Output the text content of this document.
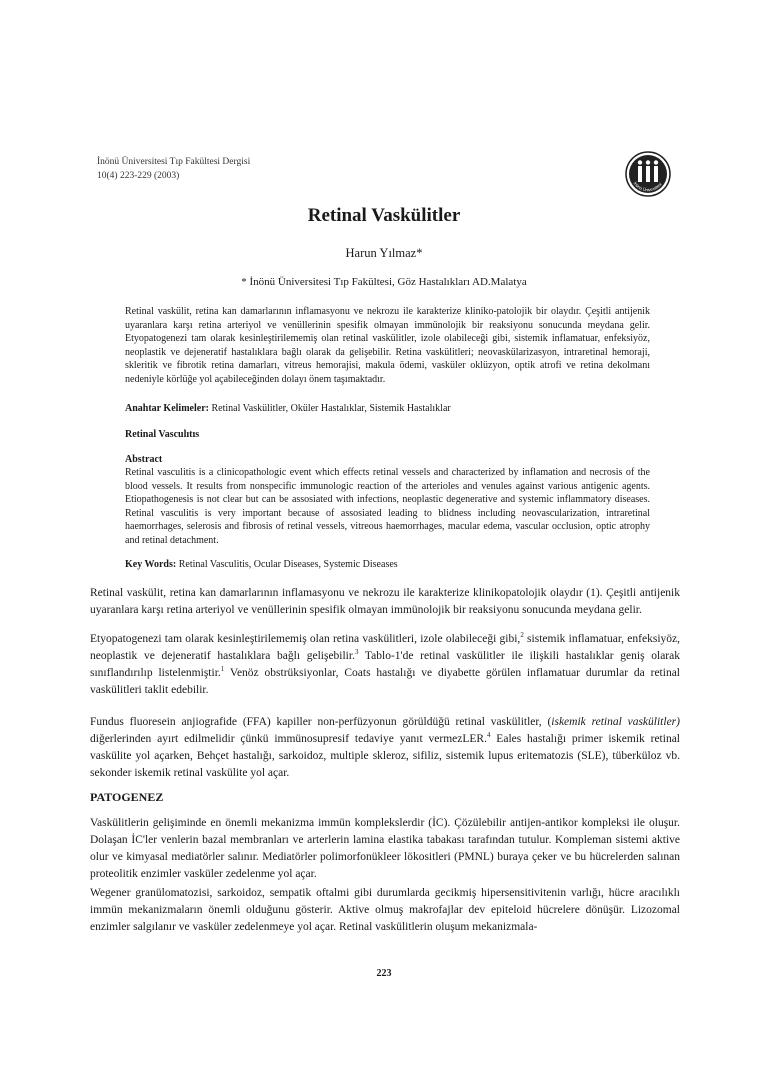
İnönü Üniversitesi Tıp Fakültesi Dergisi
10(4) 223-229 (2003)
İnönü Üniversitesi
Retinal Vaskülitler
Harun Yılmaz*
* İnönü Üniversitesi Tıp Fakültesi, Göz Hastalıkları AD.Malatya

Retinal vaskülit, retina kan damarlarının inflamasyonu ve nekrozu ile karakterize kliniko-patolojik bir olaydır. Çeşitli antijenik uyaranlara karşı retina arteriyol ve venüllerinin spesifik olmayan immünolojik bir reaksiyonu sonucunda meydana gelir. Etyopatogenezi tam olarak kesinleştirilememiş olan retinal vaskülitler, izole olabileceği gibi, sistemik inflamatuar, enfeksiyöz, neoplastik ve dejeneratif hastalıklara bağlı olarak da gelişebilir. Retina vaskülitleri; neovaskülarizasyon, intraretinal hemoraji, skleritik ve fibrotik retina damarları, vitreus hemorajisi, makula ödemi, vasküler oklüzyon, optik atrofi ve retina dekolmanı nedeniyle körlüğe yol açabileceğinden dolayı önem taşımaktadır.

Anahtar Kelimeler: Retinal Vaskülitler, Oküler Hastalıklar, Sistemik Hastalıklar

Retinal Vasculıtıs

Abstract

Retinal vasculitis is a clinicopathologic event which effects retinal vessels and characterized by inflamation and necrosis of the blood vessels. It results from nonspecific immunologic reaction of the arterioles and venules against various antigenic agents. Etiopathogenesis is not clear but can be assosiated with infections, neoplastic degenerative and systemic inflammatory diseases. Retinal vasculitis is very important because of assosiated leading to blidness including neovascularization, intraretinal haemorrhages, selerosis and fibrosis of retinal vessels, vitreous haemorrhages, macular edema, vascular occlusion, optic atrophy and retinal detachment.

Key Words: Retinal Vasculitis, Ocular Diseases, Systemic Diseases

Retinal vaskülit, retina kan damarlarının inflamasyonu ve nekrozu ile karakterize klinikopatolojik olaydır (1). Çeşitli antijenik uyaranlara karşı retina arteriyol ve venüllerinin spesifik olmayan immünolojik bir reaksiyonu sonucunda meydana gelir.

Etyopatogenezi tam olarak kesinleştirilememiş olan retina vaskülitleri, izole olabileceği gibi,$^2$ sistemik inflamatuar, enfeksiyöz, neoplastik ve dejeneratif hastalıklara bağlı gelişebilir.$^3$ Tablo-1'de retinal vaskülitler ile ilişkili hastalıklar geniş olarak sınıflandırılıp listelenmiştir.$^1$ Venöz obstrüksiyonlar, Coats hastalığı ve diyabette görülen inflamatuar durumlar da retinal vaskülitleri taklit edebilir.

Fundus fluoresein anjiografide (FFA) kapiller non-perfüzyonun görüldüğü retinal vaskülitler, (iskemik retinal vaskülitler) diğerlerinden ayırt edilmelidir çünkü immünosupresif tedaviye yanıt vermezLER.$^4$ Eales hastalığı primer iskemik retinal vaskülite yol açarken, Behçet hastalığı, sarkoidoz, multiple skleroz, sifiliz, sistemik lupus eritematozis (SLE), tüberküloz vb. sekonder iskemik retinal vaskülite yol açar.

PATOGENEZ

Vaskülitlerin gelişiminde en önemli mekanizma immün komplekslerdir (İC). Çözülebilir antijen-antikor kompleksi ile oluşur. Dolaşan İC'ler venlerin bazal membranları ve arterlerin lamina elastika tabakası tarafından tutulur. Kompleman sistemi aktive olur ve kimyasal mediatörler salınır. Mediatörler polimorfonükleer lökositleri (PMNL) buraya çeker ve bu hücrelerden salınan proteolitik enzimler vasküler zedelenme yol açar.

Wegener granülomatozisi, sarkoidoz, sempatik oftalmi gibi durumlarda gecikmiş hipersensitivitenin varlığı, hücre aracılıklı immün mekanizmaların önemli olduğunu gösterir. Aktive olmuş makrofajlar dev epiteloid hücrelere dönüşür. Lizozomal enzimler salgılanır ve vasküler zedelenmeye yol açar. Retinal vaskülitlerin oluşum mekanizmala-

223
